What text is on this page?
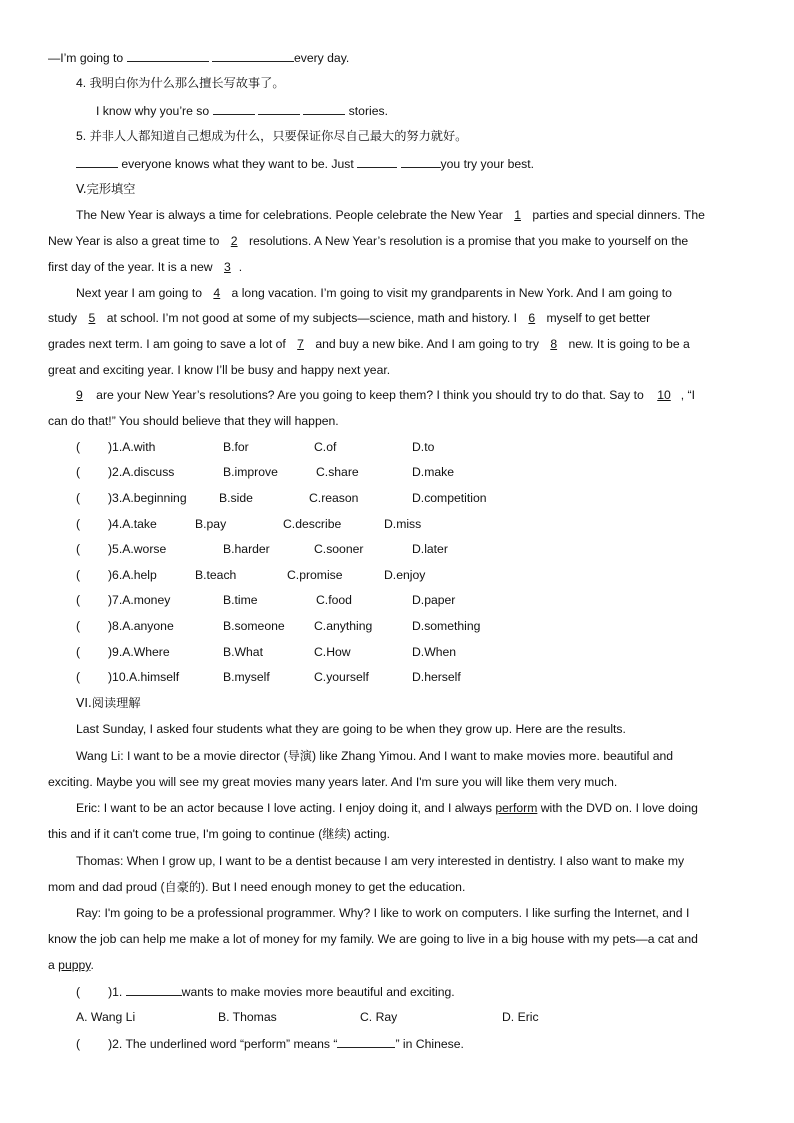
—I’m going to	every day.
4. 我明白你为什么那么擅长写故事了。
I know why you’re so	stories.
5. 并非人人都知道自己想成为什么，只要保证你尽自己最大的努力就好。
everyone knows what they want to be. Just	you try your best.
V.完形填空
The New Year is always a time for celebrations. People celebrate the New Year 1 parties and special dinners. The
New Year is also a great time to 2 resolutions. A New Year’s resolution is a promise that you make to yourself on the
first day of the year. It is a new 3 .
Next year I am going to 4 a long vacation. I’m going to visit my grandparents in New York. And I am going to
study 5 at school. I’m not good at some of my subjects—science, math and history. I 6 myself to get better
grades next term. I am going to save a lot of 7 and buy a new bike. And I am going to try 8 new. It is going to be a
great and exciting year. I know I’ll be busy and happy next year.
9 are your New Year’s resolutions? Are you going to keep them? I think you should try to do that. Say to 10 , “I
can do that!” You should believe that they will happen.
( )1.A.with	B.for	C.of	D.to
( )2.A.discuss	B.improve	C.share	D.make
( )3.A.beginning	B.side	C.reason	D.competition
( )4.A.take	B.pay	C.describe	D.miss
( )5.A.worse	B.harder	C.sooner	D.later
( )6.A.help	B.teach	C.promise	D.enjoy
( )7.A.money	B.time	C.food	D.paper
( )8.A.anyone	B.someone C.anything	D.something
( )9.A.Where	B.What	C.How	D.When
( )10.A.himself	B.myself	C.yourself	D.herself
VI.阅读理解
Last Sunday, I asked four students what they are going to be when they grow up. Here are the results.
Wang Li: I want to be a movie director (导演) like Zhang Yimou. And I want to make movies more. beautiful and
exciting. Maybe you will see my great movies many years later. And I'm sure you will like them very much.
Eric: I want to be an actor because I love acting. I enjoy doing it, and I always perform with the DVD on. I love doing
this and if it can't come true, I'm going to continue (继续) acting.
Thomas: When I grow up, I want to be a dentist because I am very interested in dentistry. I also want to make my
mom and dad proud (自豪的). But I need enough money to get the education.
Ray: I'm going to be a professional programmer. Why? I like to work on computers. I like surfing the Internet, and I
know the job can help me make a lot of money for my family. We are going to live in a big house with my pets—a cat and
a puppy.
( )1.	wants to make movies more beautiful and exciting.
A. Wang Li	B. Thomas	C. Ray	D. Eric
( )2. The underlined word “perform” means “	” in Chinese.
